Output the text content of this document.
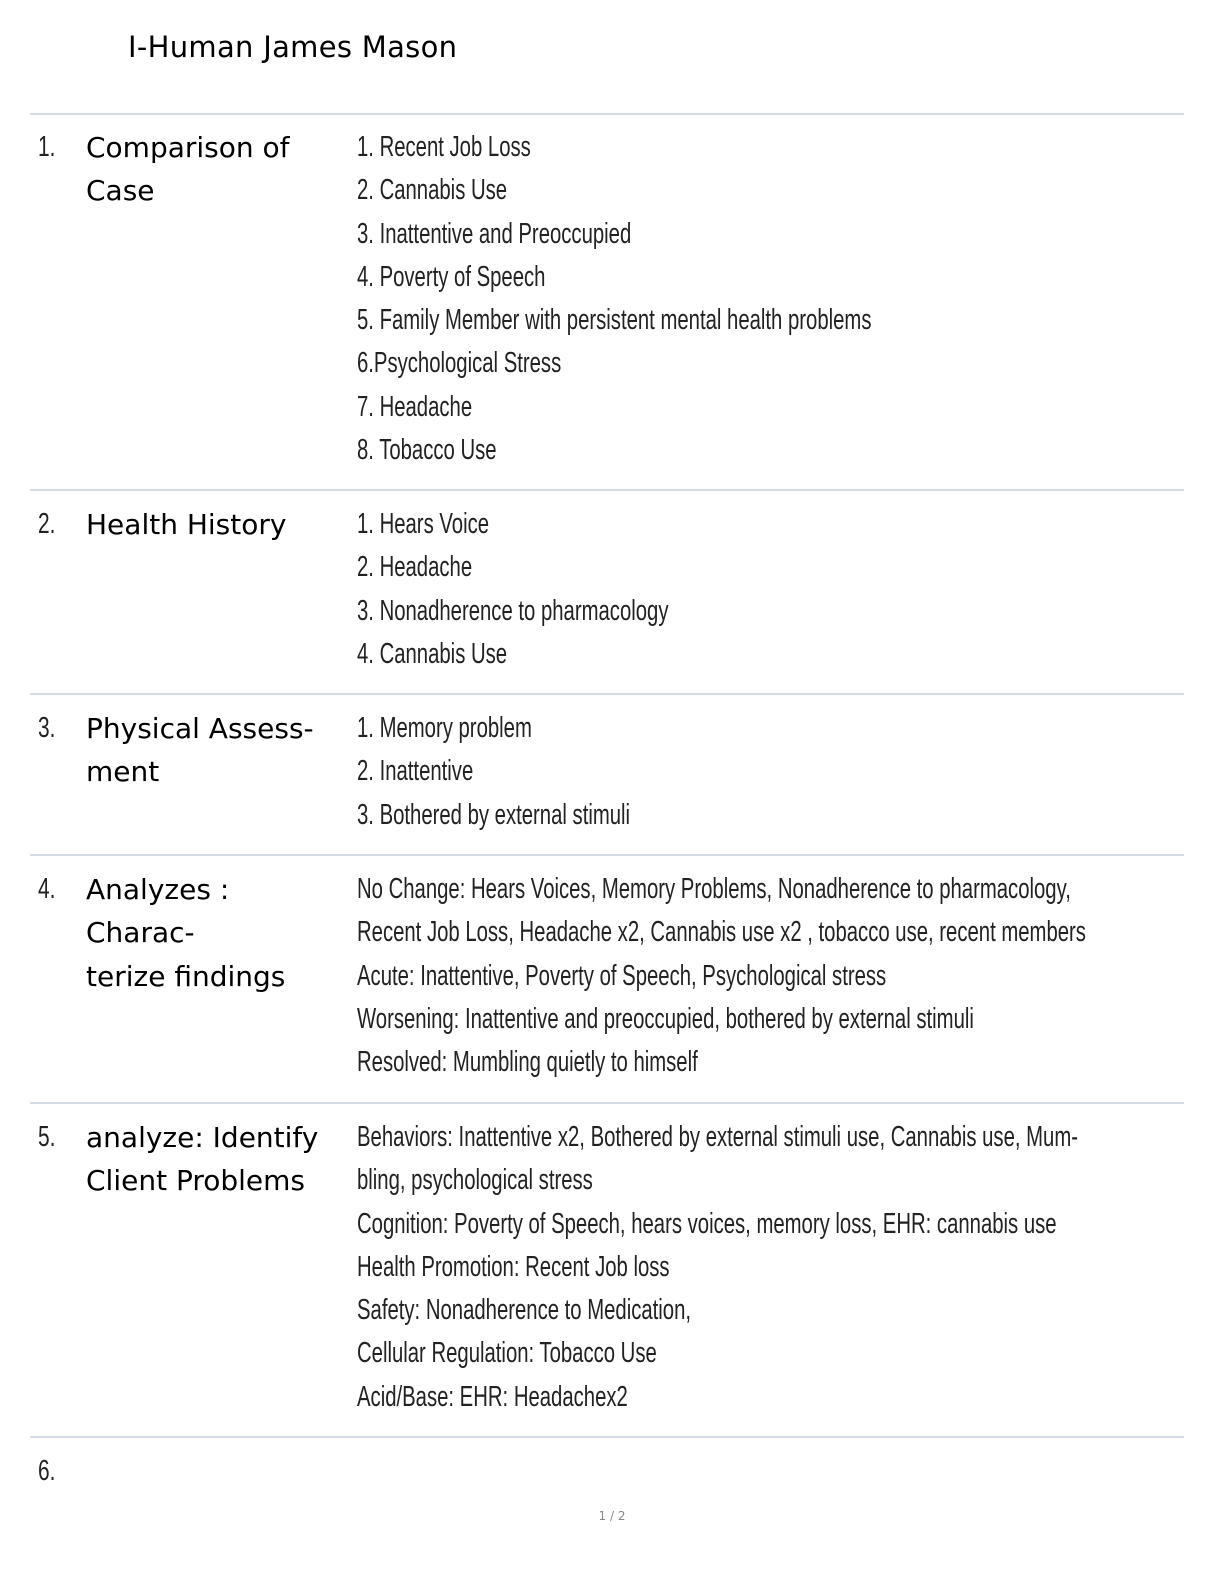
I-Human James Mason
1. Comparison of
Case
1. Recent Job Loss
2. Cannabis Use
3. Inattentive and Preoccupied
4. Poverty of Speech
5. Family Member with persistent mental health problems
6.Psychological Stress
7. Headache
8. Tobacco Use
2. Health History	1. Hears Voice
2. Headache
3. Nonadherence to pharmacology
4. Cannabis Use
3. Physical Assess-
ment
1. Memory problem
2. Inattentive
3. Bothered by external stimuli
4. Analyzes : Charac-
terize findings
No Change: Hears Voices, Memory Problems, Nonadherence to pharmacology,
Recent Job Loss, Headache x2, Cannabis use x2 , tobacco use, recent members
Acute: Inattentive, Poverty of Speech, Psychological stress
Worsening: Inattentive and preoccupied, bothered by external stimuli
Resolved: Mumbling quietly to himself
5. analyze: Identify
Client Problems
Behaviors: Inattentive x2, Bothered by external stimuli use, Cannabis use, Mum-
bling, psychological stress
Cognition: Poverty of Speech, hears voices, memory loss, EHR: cannabis use
Health Promotion: Recent Job loss
Safety: Nonadherence to Medication,
Cellular Regulation: Tobacco Use
Acid/Base: EHR: Headachex2
6.
1 / 2
